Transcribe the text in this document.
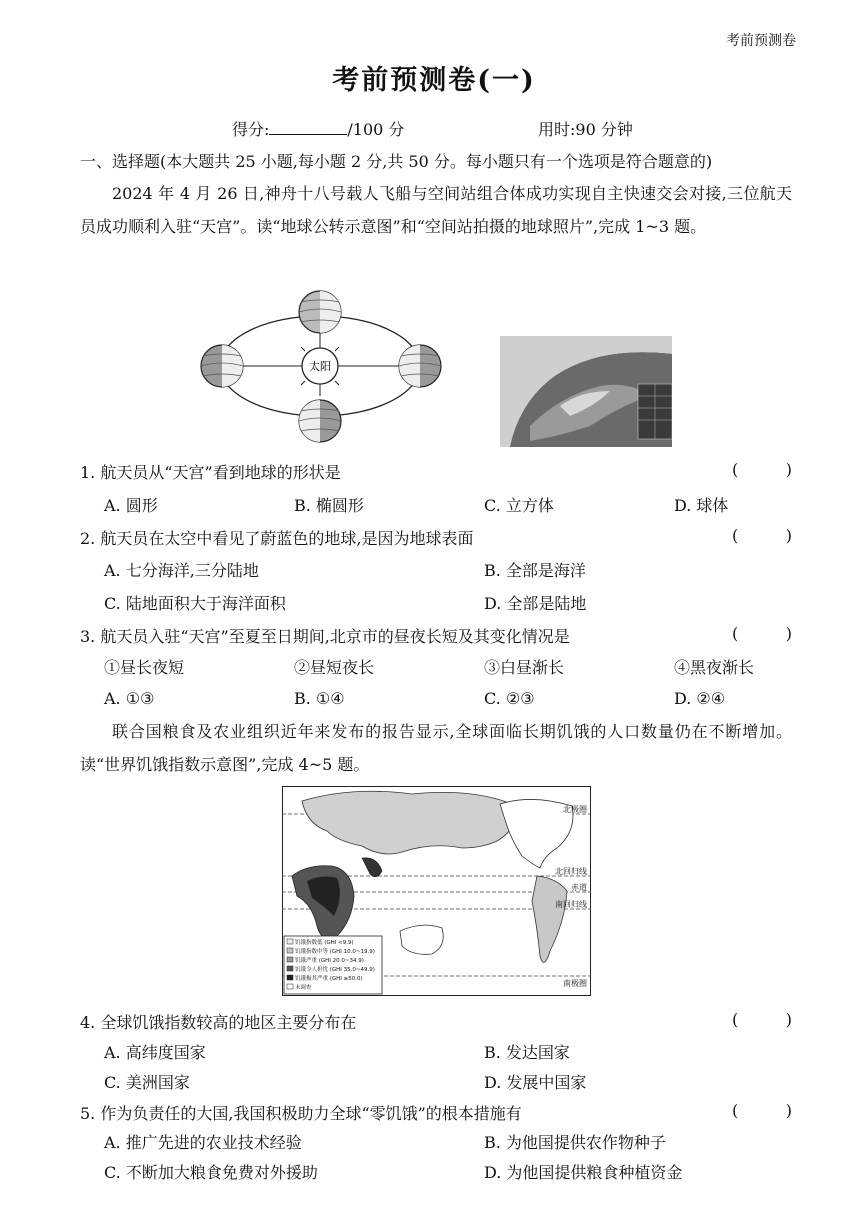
考前预测卷
考前预测卷(一)
得分:	/100 分	用时:90 分钟
一、选择题(本大题共 25 小题,每小题 2 分,共 50 分。每小题只有一个选项是符合题意的)
2024 年 4 月 26 日,神舟十八号载人飞船与空间站组合体成功实现自主快速交会对接,三位航天员成功顺利入驻“天宫”。读“地球公转示意图”和“空间站拍摄的地球照片”,完成 1~3 题。
太阳
1. 航天员从“天宫”看到地球的形状是	(	)
A. 圆形	B. 椭圆形	C. 立方体	D. 球体
2. 航天员在太空中看见了蔚蓝色的地球,是因为地球表面	(	)
A. 七分海洋,三分陆地	B. 全部是海洋
C. 陆地面积大于海洋面积	D. 全部是陆地
3. 航天员入驻“天宫”至夏至日期间,北京市的昼夜长短及其变化情况是	(	)
①昼长夜短	②昼短夜长	③白昼渐长	④黑夜渐长
A. ①③	B. ①④	C. ②③	D. ②④
联合国粮食及农业组织近年来发布的报告显示,全球面临长期饥饿的人口数量仍在不断增加。读“世界饥饿指数示意图”,完成 4~5 题。
北极圈
北回归线
赤道
南回归线
南极圈
饥饿指数低 (GHI <9.9)
饥饿指数中等 (GHI 10.0~19.9)
饥饿严重 (GHI 20.0~34.9)
饥饿令人担忧 (GHI 35.0~49.9)
饥饿极其严重 (GHI ≥50.0)
未调查
4. 全球饥饿指数较高的地区主要分布在	(	)
A. 高纬度国家	B. 发达国家
C. 美洲国家	D. 发展中国家
5. 作为负责任的大国,我国积极助力全球“零饥饿”的根本措施有	(	)
A. 推广先进的农业技术经验	B. 为他国提供农作物种子
C. 不断加大粮食免费对外援助	D. 为他国提供粮食种植资金
